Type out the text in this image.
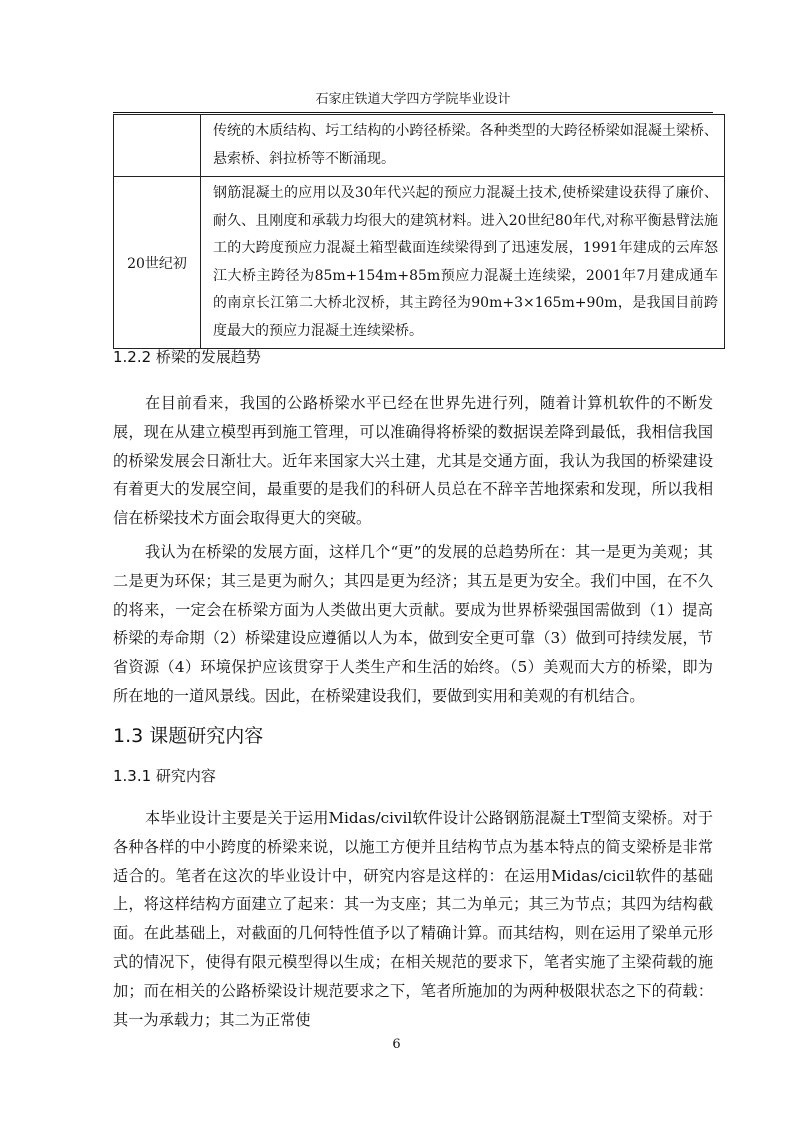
石家庄铁道大学四方学院毕业设计
	传统的木质结构、圬工结构的小跨径桥梁。各种类型的大跨径桥梁如混凝土梁桥、悬索桥、斜拉桥等不断涌现。
20世纪初	钢筋混凝土的应用以及30年代兴起的预应力混凝土技术,使桥梁建设获得了廉价、耐久、且刚度和承载力均很大的建筑材料。进入20世纪80年代,对称平衡悬臂法施工的大跨度预应力混凝土箱型截面连续梁得到了迅速发展，1991年建成的云库怒江大桥主跨径为85m+154m+85m预应力混凝土连续梁，2001年7月建成通车的南京长江第二大桥北汊桥，其主跨径为90m+3×165m+90m，是我国目前跨度最大的预应力混凝土连续梁桥。
1.2.2 桥梁的发展趋势

在目前看来，我国的公路桥梁水平已经在世界先进行列，随着计算机软件的不断发展，现在从建立模型再到施工管理，可以准确得将桥梁的数据误差降到最低，我相信我国的桥梁发展会日渐壮大。近年来国家大兴土建，尤其是交通方面，我认为我国的桥梁建设有着更大的发展空间，最重要的是我们的科研人员总在不辞辛苦地探索和发现，所以我相信在桥梁技术方面会取得更大的突破。

我认为在桥梁的发展方面，这样几个“更”的发展的总趋势所在：其一是更为美观；其二是更为环保；其三是更为耐久；其四是更为经济；其五是更为安全。我们中国，在不久的将来，一定会在桥梁方面为人类做出更大贡献。要成为世界桥梁强国需做到（1）提高桥梁的寿命期（2）桥梁建设应遵循以人为本，做到安全更可靠（3）做到可持续发展，节省资源（4）环境保护应该贯穿于人类生产和生活的始终。（5）美观而大方的桥梁，即为所在地的一道风景线。因此，在桥梁建设我们，要做到实用和美观的有机结合。

1.3 课题研究内容
1.3.1 研究内容

本毕业设计主要是关于运用Midas/civil软件设计公路钢筋混凝土T型简支梁桥。对于各种各样的中小跨度的桥梁来说，以施工方便并且结构节点为基本特点的简支梁桥是非常适合的。笔者在这次的毕业设计中，研究内容是这样的：在运用Midas/cicil软件的基础上，将这样结构方面建立了起来：其一为支座；其二为单元；其三为节点；其四为结构截面。在此基础上，对截面的几何特性值予以了精确计算。而其结构，则在运用了梁单元形式的情况下，使得有限元模型得以生成；在相关规范的要求下，笔者实施了主梁荷载的施加；而在相关的公路桥梁设计规范要求之下，笔者所施加的为两种极限状态之下的荷载：其一为承载力；其二为正常使

6
